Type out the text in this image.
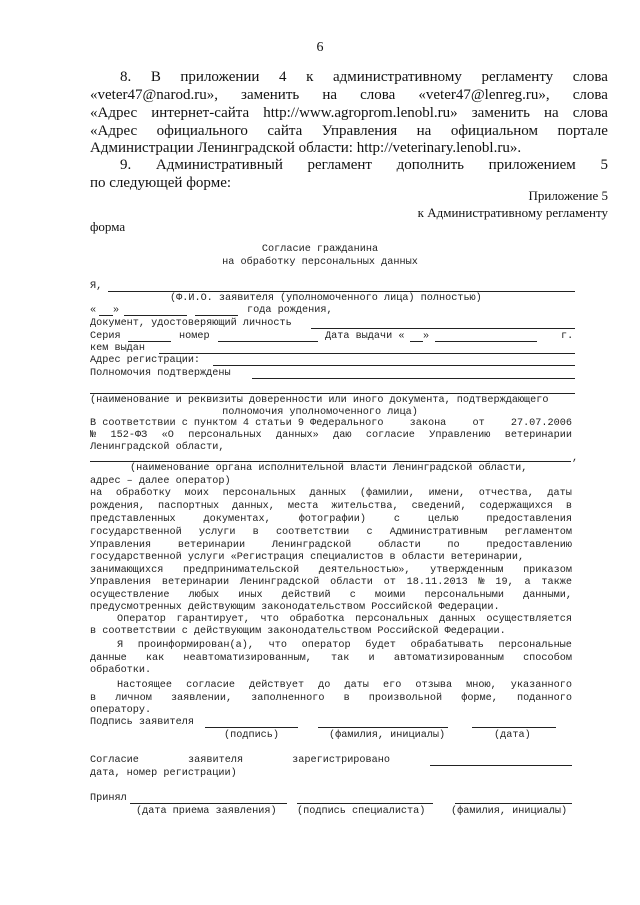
6
8. В приложении 4 к административному регламенту слова
«veter47@narod.ru», заменить на слова «veter47@lenreg.ru», слова
«Адрес интернет-сайта http://www.agroprom.lenobl.ru» заменить на слова
«Адрес официального сайта Управления на официальном портале
Администрации Ленинградской области: http://veterinary.lenobl.ru».
9. Административный регламент дополнить приложением 5
по следующей форме:
Приложение 5
к Административному регламенту
форма
Согласие гражданина
на обработку персональных данных
Я,
(Ф.И.О. заявителя (уполномоченного лица) полностью)
« »	года рождения,
Документ, удостоверяющий личность
Серия	номер	Дата выдачи « »	г.
кем выдан
Адрес регистрации:
Полномочия подтверждены
(наименование и реквизиты доверенности или иного документа, подтверждающего
полномочия уполномоченного лица)
В соответствии с пунктом 4 статьи 9 Федерального	закона	от	27.07.2006
№ 152-ФЗ «О персональных данных» даю согласие Управлению ветеринарии
Ленинградской области,
,
(наименование органа исполнительной власти Ленинградской области,
адрес – далее оператор)
на обработку моих персональных данных (фамилии, имени, отчества, даты
рождения, паспортных данных, места жительства, сведений, содержащихся в
представленных	документах,	фотографии)	с	целью	предоставления
государственной услуги в соответствии с Административным регламентом
Управления	ветеринарии	Ленинградской	области	по	предоставлению
государственной услуги «Регистрация специалистов в области ветеринарии,
занимающихся предпринимательской деятельностью», утвержденным приказом
Управления ветеринарии Ленинградской области от 18.11.2013 № 19, а также
осуществление любых иных действий с моими персональными данными,
предусмотренных действующим законодательством Российской Федерации.
Оператор гарантирует, что обработка персональных данных осуществляется
в соответствии с действующим законодательством Российской Федерации.
Я проинформирован(а), что оператор будет обрабатывать персональные
данные как неавтоматизированным, так и автоматизированным способом
обработки.
Настоящее согласие действует до даты его отзыва мною, указанного
в личном заявлении, заполненного в произвольной форме, поданного
оператору.
Подпись заявителя
(подпись)	(фамилия, инициалы)	(дата)
Согласие	заявителя	зарегистрировано
дата, номер регистрации)
Принял
(дата приема заявления) (подпись специалиста)	(фамилия, инициалы)
